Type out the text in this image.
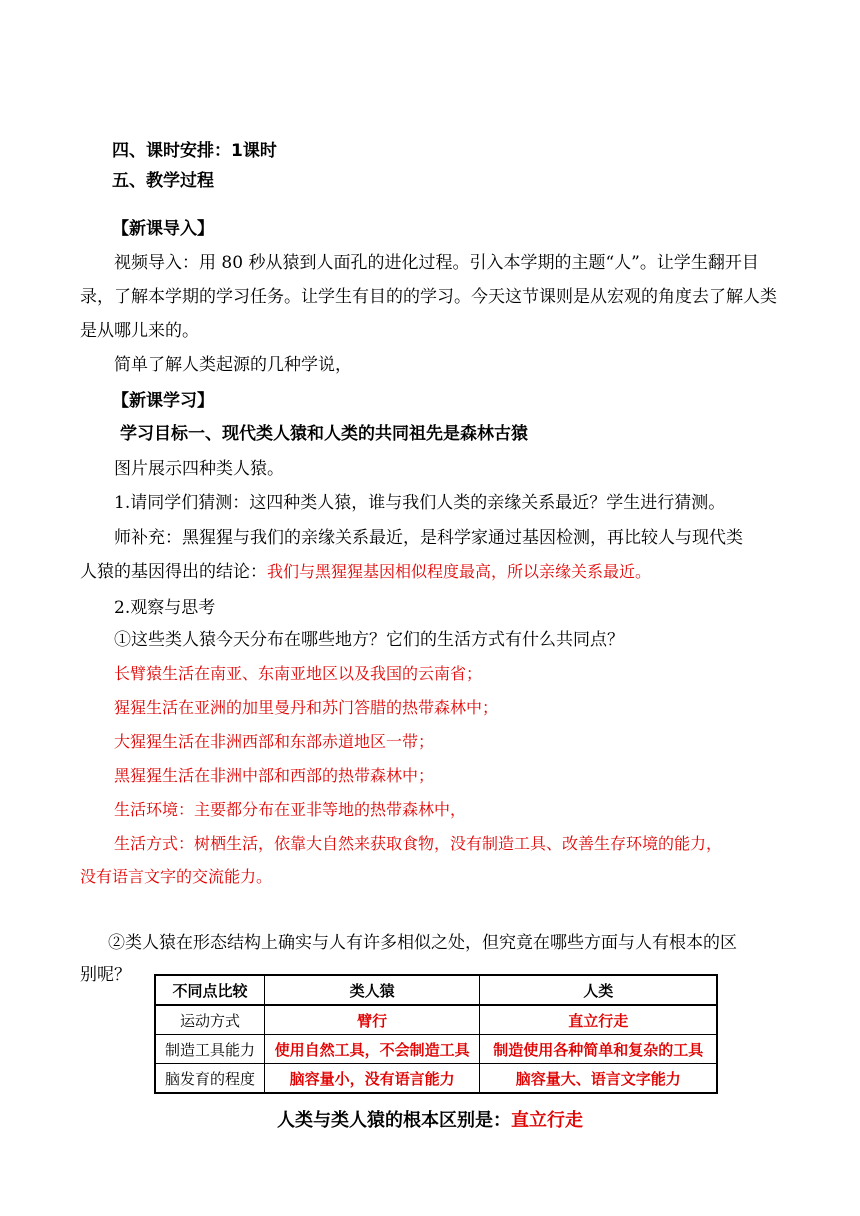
四、课时安排：1课时
五、教学过程
【新课导入】
视频导入：用 80 秒从猿到人面孔的进化过程。引入本学期的主题“人”。让学生翻开目录，了解本学期的学习任务。让学生有目的的学习。今天这节课则是从宏观的角度去了解人类是从哪儿来的。
简单了解人类起源的几种学说，
【新课学习】
学习目标一、现代类人猿和人类的共同祖先是森林古猿
图片展示四种类人猿。
1.请同学们猜测：这四种类人猿，谁与我们人类的亲缘关系最近？学生进行猜测。
师补充：黑猩猩与我们的亲缘关系最近，是科学家通过基因检测，再比较人与现代类
人猿的基因得出的结论：我们与黑猩猩基因相似程度最高，所以亲缘关系最近。
2.观察与思考
①这些类人猿今天分布在哪些地方？它们的生活方式有什么共同点？
长臂猿生活在南亚、东南亚地区以及我国的云南省；
猩猩生活在亚洲的加里曼丹和苏门答腊的热带森林中；
大猩猩生活在非洲西部和东部赤道地区一带；
黑猩猩生活在非洲中部和西部的热带森林中；
生活环境：主要都分布在亚非等地的热带森林中，
生活方式：树栖生活，依靠大自然来获取食物，没有制造工具、改善生存环境的能力，
没有语言文字的交流能力。
②类人猿在形态结构上确实与人有许多相似之处，但究竟在哪些方面与人有根本的区
别呢？
不同点比较	类人猿	人类
运动方式	臂行	直立行走
制造工具能力	使用自然工具，不会制造工具	制造使用各种简单和复杂的工具
脑发育的程度	脑容量小，没有语言能力	脑容量大、语言文字能力
人类与类人猿的根本区别是：直立行走
